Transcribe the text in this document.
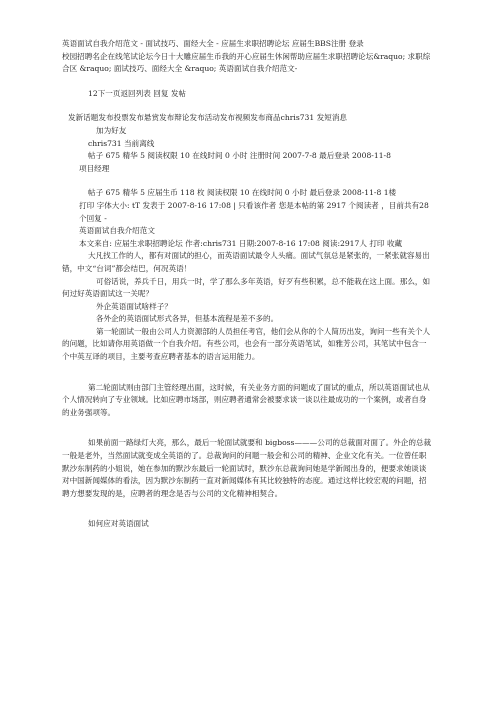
英语面试自我介绍范文 - 面试技巧、面经大全 - 应届生求职招聘论坛 应届生BBS注册 登录

校园招聘名企在线笔试论坛今日十大雕应届生币我的开心应届生休闲帮助应届生求职招聘论坛&raquo; 求职综合区 &raquo; 面试技巧、面经大全 &raquo; 英语面试自我介绍范文-

12下一页返回列表 回复 发帖

发新话题发布投票发布悬赏发布辩论发布活动发布视频发布商品chris731 发短消息

加为好友

chris731 当前离线

帖子 675 精华 5 阅读权限 10 在线时间 0 小时 注册时间 2007-7-8 最后登录 2008-11-8

项目经理

帖子 675 精华 5 应届生币 118 枚 阅读权限 10 在线时间 0 小时 最后登录 2008-11-8 1楼

打印 字体大小: tT 发表于 2007-8-16 17:08 | 只看该作者 您是本帖的第 2917 个阅读者 ，目前共有28个回复 -

英语面试自我介绍范文

本文来自: 应届生求职招聘论坛 作者:chris731 日期:2007-8-16 17:08 阅读:2917人 打印 收藏

大凡找工作的人，都有对面试的担心，而英语面试最令人头痛。面试气氛总是紧张的，一紧张就容易出错，中文“台词”都会结巴，何况英语！

可俗话说，养兵千日，用兵一时，学了那么多年英语，好歹有些积累，总不能栽在这上面。那么，如何过好英语面试这一关呢？

外企英语面试啥样子？

各外企的英语面试形式各异，但基本流程是差不多的。

第一轮面试一般由公司人力资源部的人员担任考官，他们会从你的个人简历出发，询问一些有关个人的问题，比如请你用英语做一个自我介绍。有些公司，也会有一部分英语笔试，如雅芳公司，其笔试中包含一个中英互译的项目，主要考查应聘者基本的语言运用能力。

第二轮面试则由部门主管经理出面，这时候，有关业务方面的问题成了面试的重点，所以英语面试也从个人情况转向了专业领域。比如应聘市场部，则应聘者通常会被要求谈一谈以往最成功的一个案例，或者自身的业务强项等。

如果前面一路绿灯大亮，那么，最后一轮面试就要和 bigboss———公司的总裁面对面了。外企的总裁一般是老外，当然面试就变成全英语的了。总裁询问的问题一般会和公司的精神、企业文化有关。一位曾任职默沙东制药的小姐说，她在参加的默沙东最后一轮面试时，默沙东总裁询问她是学新闻出身的，便要求她谈谈对中国新闻媒体的看法，因为默沙东制药一直对新闻媒体有其比较独特的态度。通过这样比较宏观的问题，招聘方想要发现的是，应聘者的理念是否与公司的文化精神相契合。

如何应对英语面试
